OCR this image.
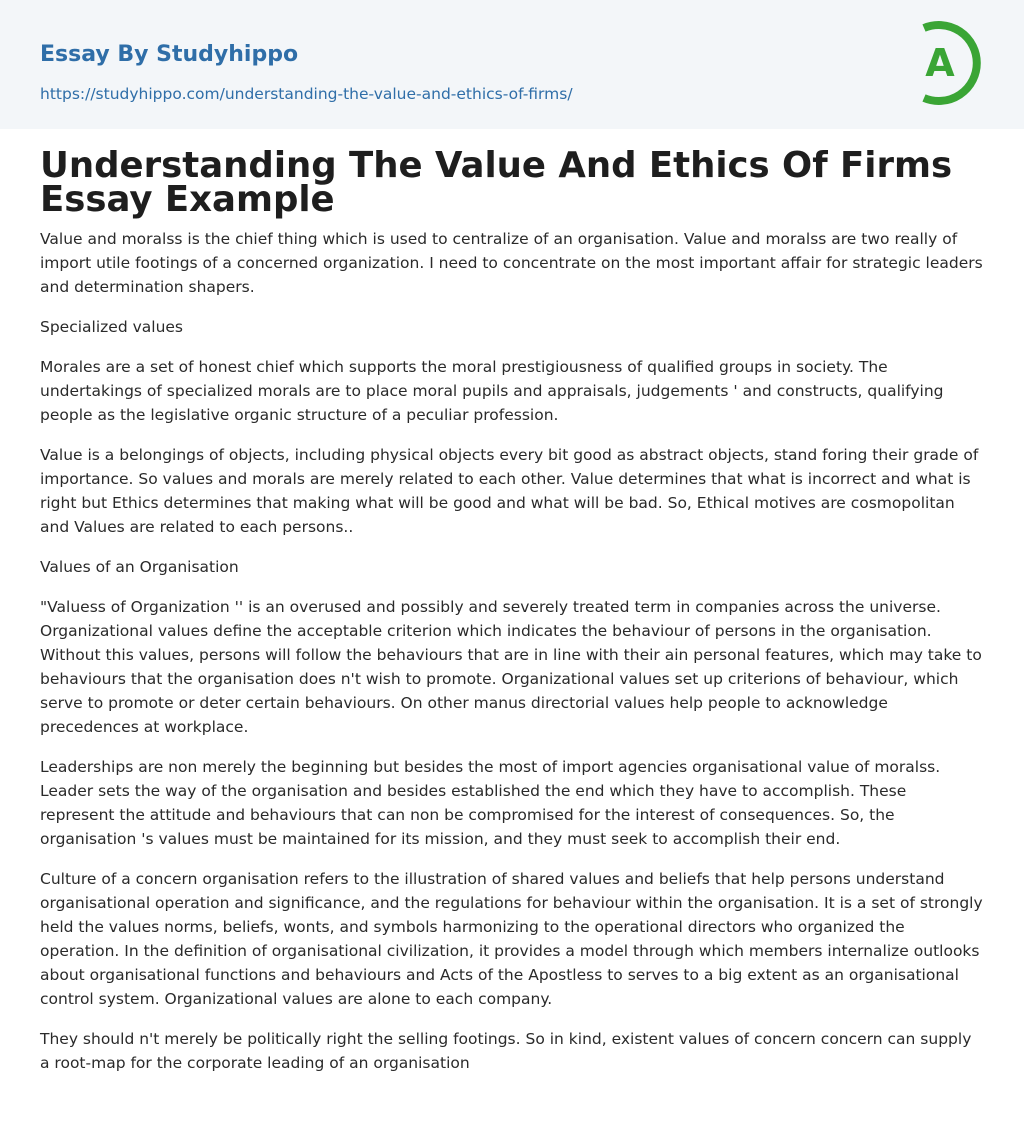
Essay By Studyhippo
https://studyhippo.com/understanding-the-value-and-ethics-of-firms/
A
Understanding The Value And Ethics Of Firms Essay Example

Value and moralss is the chief thing which is used to centralize of an organisation. Value and moralss are two really of import utile footings of a concerned organization. I need to concentrate on the most important affair for strategic leaders and determination shapers.

Specialized values

Morales are a set of honest chief which supports the moral prestigiousness of qualified groups in society. The undertakings of specialized morals are to place moral pupils and appraisals, judgements ' and constructs, qualifying people as the legislative organic structure of a peculiar profession.

Value is a belongings of objects, including physical objects every bit good as abstract objects, stand foring their grade of importance. So values and morals are merely related to each other. Value determines that what is incorrect and what is right but Ethics determines that making what will be good and what will be bad. So, Ethical motives are cosmopolitan and Values are related to each persons..

Values of an Organisation

"Valuess of Organization '' is an overused and possibly and severely treated term in companies across the universe. Organizational values define the acceptable criterion which indicates the behaviour of persons in the organisation. Without this values, persons will follow the behaviours that are in line with their ain personal features, which may take to behaviours that the organisation does n't wish to promote. Organizational values set up criterions of behaviour, which serve to promote or deter certain behaviours. On other manus directorial values help people to acknowledge precedences at workplace.

Leaderships are non merely the beginning but besides the most of import agencies organisational value of moralss. Leader sets the way of the organisation and besides established the end which they have to accomplish. These represent the attitude and behaviours that can non be compromised for the interest of consequences. So, the organisation 's values must be maintained for its mission, and they must seek to accomplish their end.

Culture of a concern organisation refers to the illustration of shared values and beliefs that help persons understand organisational operation and significance, and the regulations for behaviour within the organisation. It is a set of strongly held the values norms, beliefs, wonts, and symbols harmonizing to the operational directors who organized the operation. In the definition of organisational civilization, it provides a model through which members internalize outlooks about organisational functions and behaviours and Acts of the Apostless to serves to a big extent as an organisational control system. Organizational values are alone to each company.

They should n't merely be politically right the selling footings. So in kind, existent values of concern concern can supply a root-map for the corporate leading of an organisation
